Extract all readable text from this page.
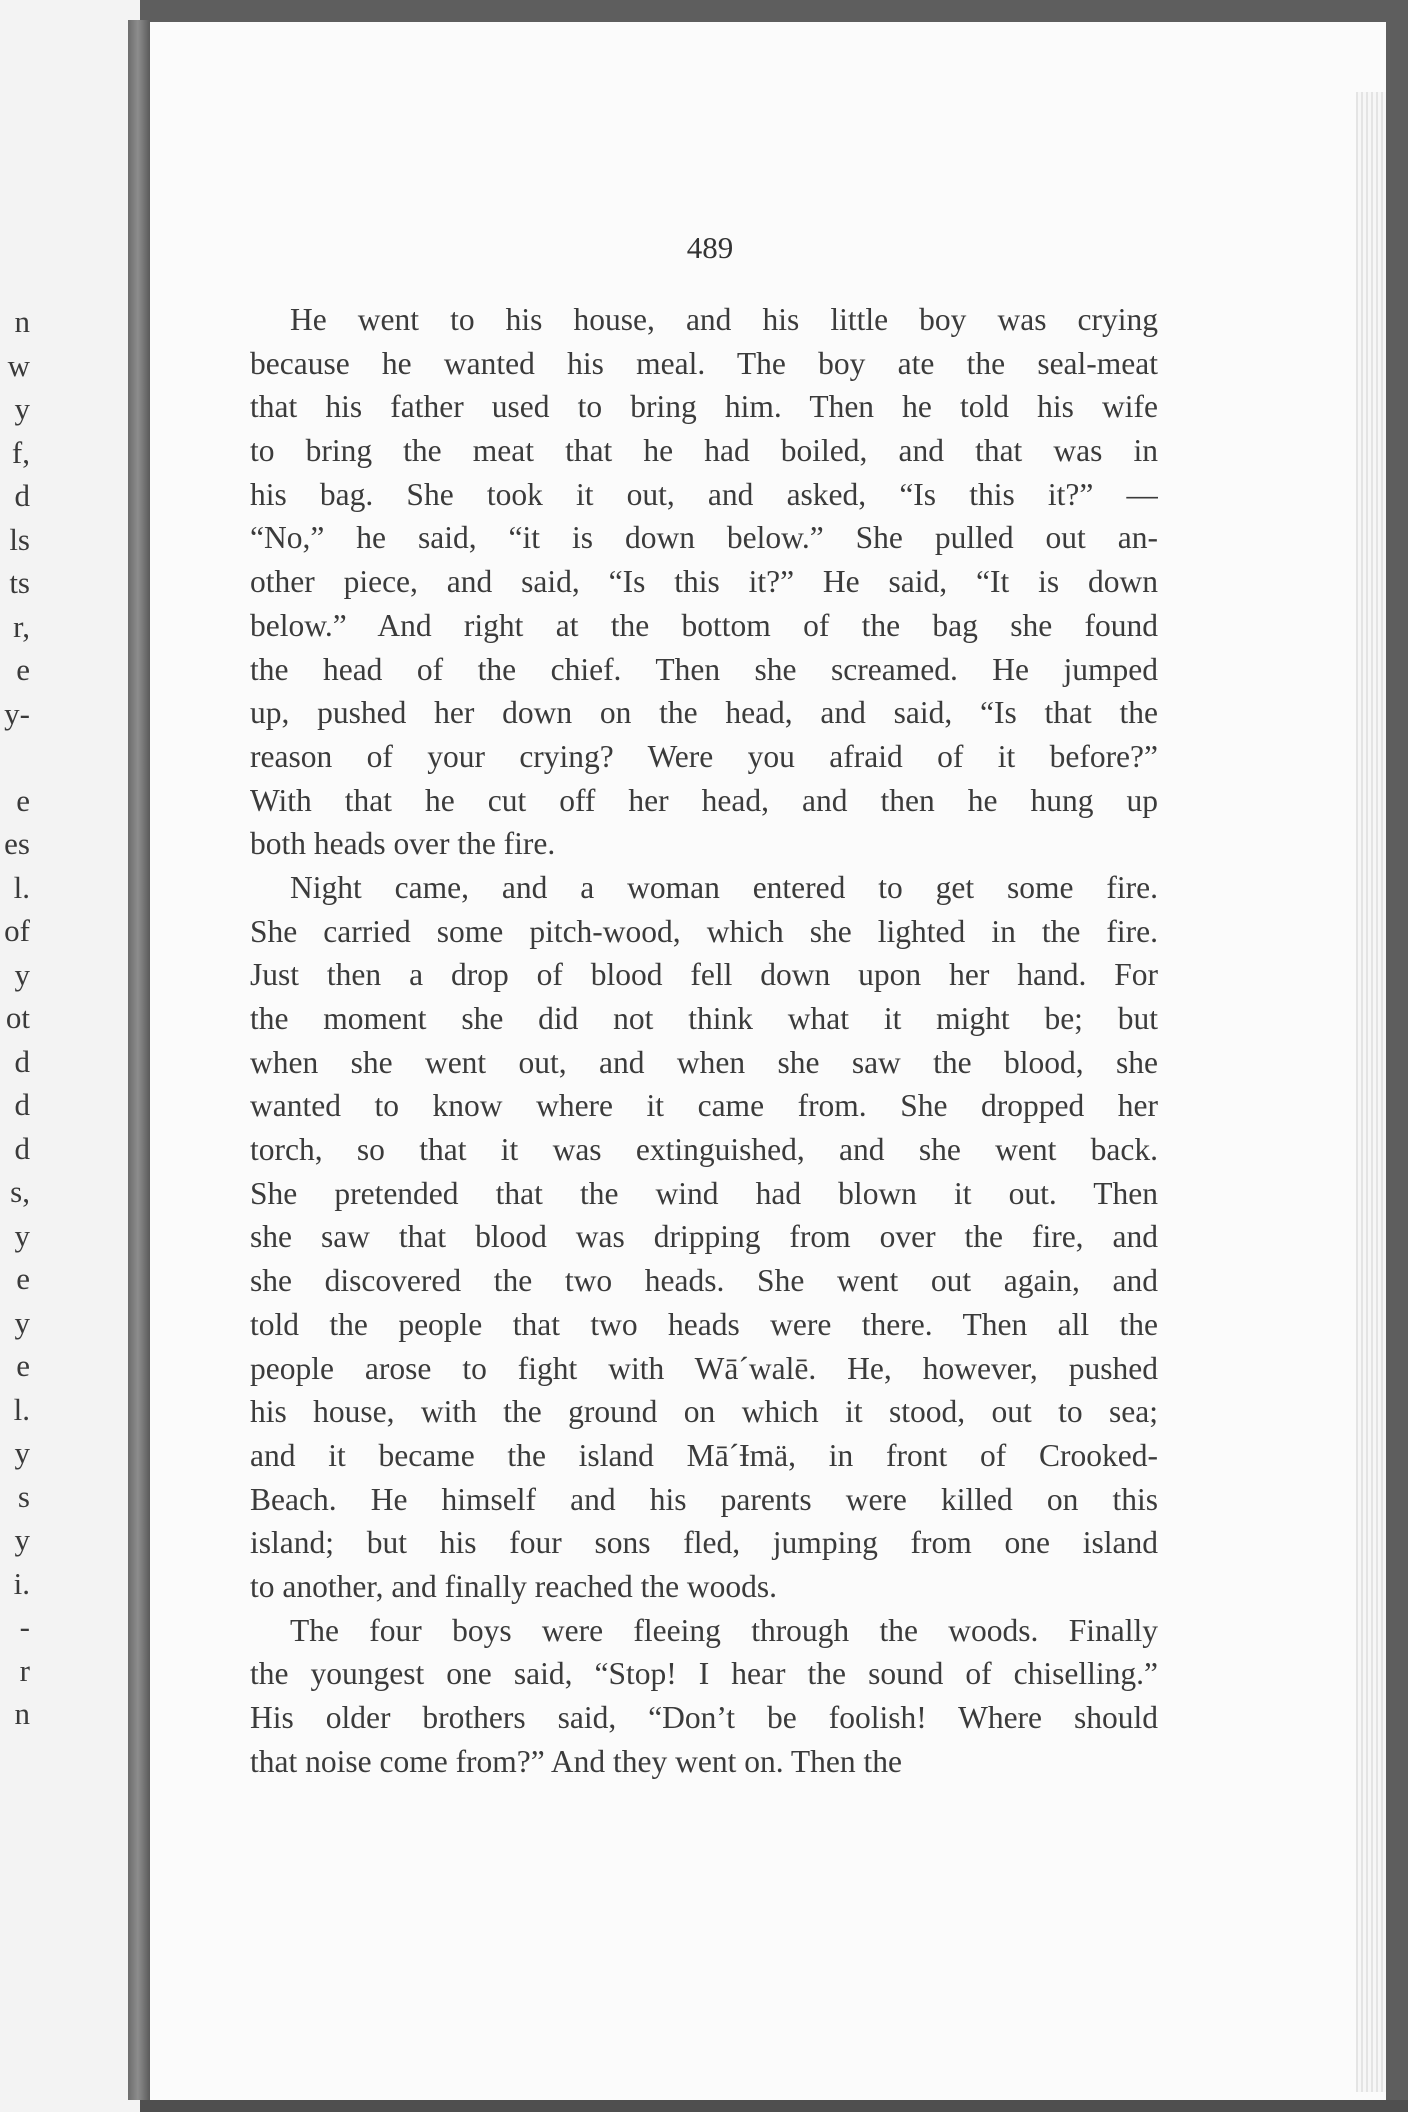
n
w
y
f,
d
ls
ts
r,
e
y-
e
es
l.
of
y
ot
d
d
d
s,
y
e
y
e
l.
y
s
y
i.
-
r
n
489
He went to his house, and his little boy was crying
because he wanted his meal. The boy ate the seal-meat
that his father used to bring him. Then he told his wife
to bring the meat that he had boiled, and that was in
his bag. She took it out, and asked, “Is this it?” —
“No,” he said, “it is down below.” She pulled out an-
other piece, and said, “Is this it?” He said, “It is down
below.” And right at the bottom of the bag she found
the head of the chief. Then she screamed. He jumped
up, pushed her down on the head, and said, “Is that the
reason of your crying? Were you afraid of it before?”
With that he cut off her head, and then he hung up
both heads over the fire.
Night came, and a woman entered to get some fire.
She carried some pitch-wood, which she lighted in the fire.
Just then a drop of blood fell down upon her hand. For
the moment she did not think what it might be; but
when she went out, and when she saw the blood, she
wanted to know where it came from. She dropped her
torch, so that it was extinguished, and she went back.
She pretended that the wind had blown it out. Then
she saw that blood was dripping from over the fire, and
she discovered the two heads. She went out again, and
told the people that two heads were there. Then all the
people arose to fight with Wā´walē. He, however, pushed
his house, with the ground on which it stood, out to sea;
and it became the island Mā´Ɨmä, in front of Crooked-
Beach. He himself and his parents were killed on this
island; but his four sons fled, jumping from one island
to another, and finally reached the woods.
The four boys were fleeing through the woods. Finally
the youngest one said, “Stop! I hear the sound of chiselling.”
His older brothers said, “Don’t be foolish! Where should
that noise come from?” And they went on. Then the
